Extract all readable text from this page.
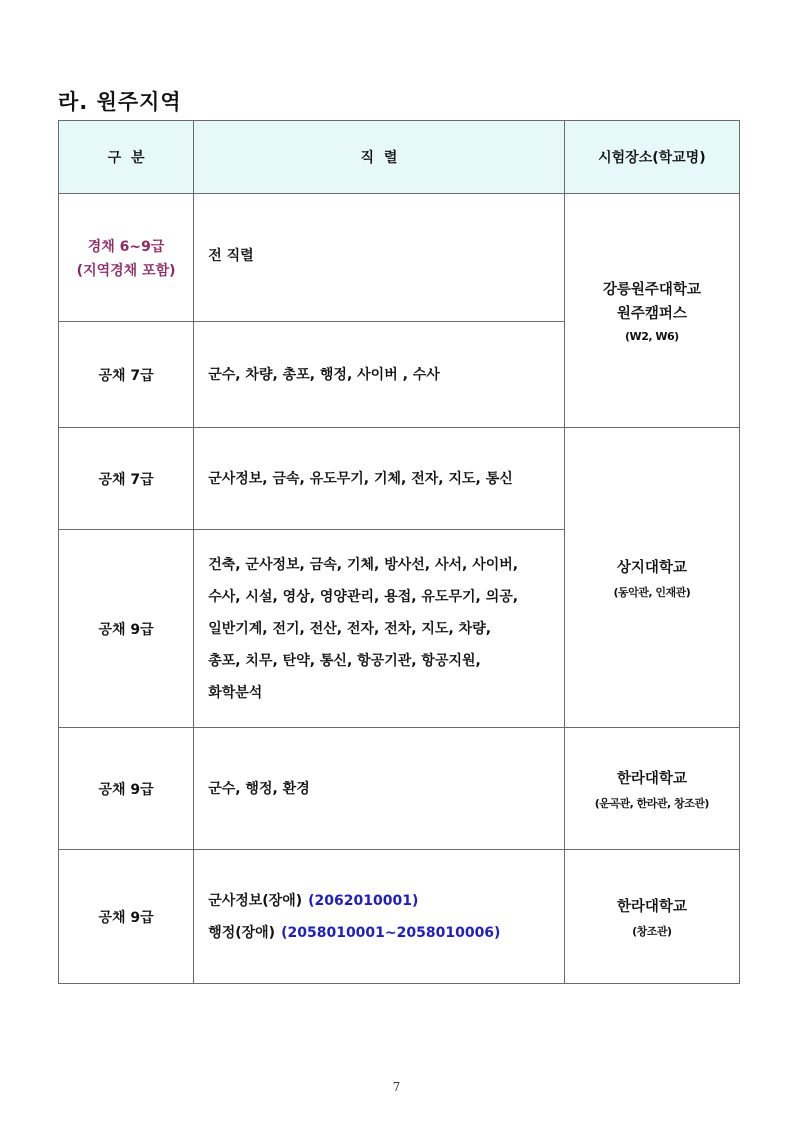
라. 원주지역
구  분	직  렬	시험장소(학교명)

경채 6~9급
(지역경채 포함)	전 직렬	강릉원주대학교
원주캠퍼스
(W2, W6)

공채 7급	군수, 차량, 총포, 행정, 사이버 , 수사	
공채 7급	군사정보, 금속, 유도무기, 기체, 전자, 지도, 통신	상지대학교
(동악관, 인재관)

공채 9급	건축, 군사정보, 금속, 기체, 방사선, 사서, 사이버,
수사, 시설, 영상, 영양관리, 용접, 유도무기, 의공,
일반기계, 전기, 전산, 전자, 전차, 지도, 차량,
총포, 치무, 탄약, 통신, 항공기관, 항공지원,
화학분석	

공채 9급	군수, 행정, 환경	한라대학교
(운곡관, 한라관, 창조관)

공채 9급	군사정보(장애) (2062010001)
행정(장애) (2058010001~2058010006)	한라대학교
(창조관)
7
